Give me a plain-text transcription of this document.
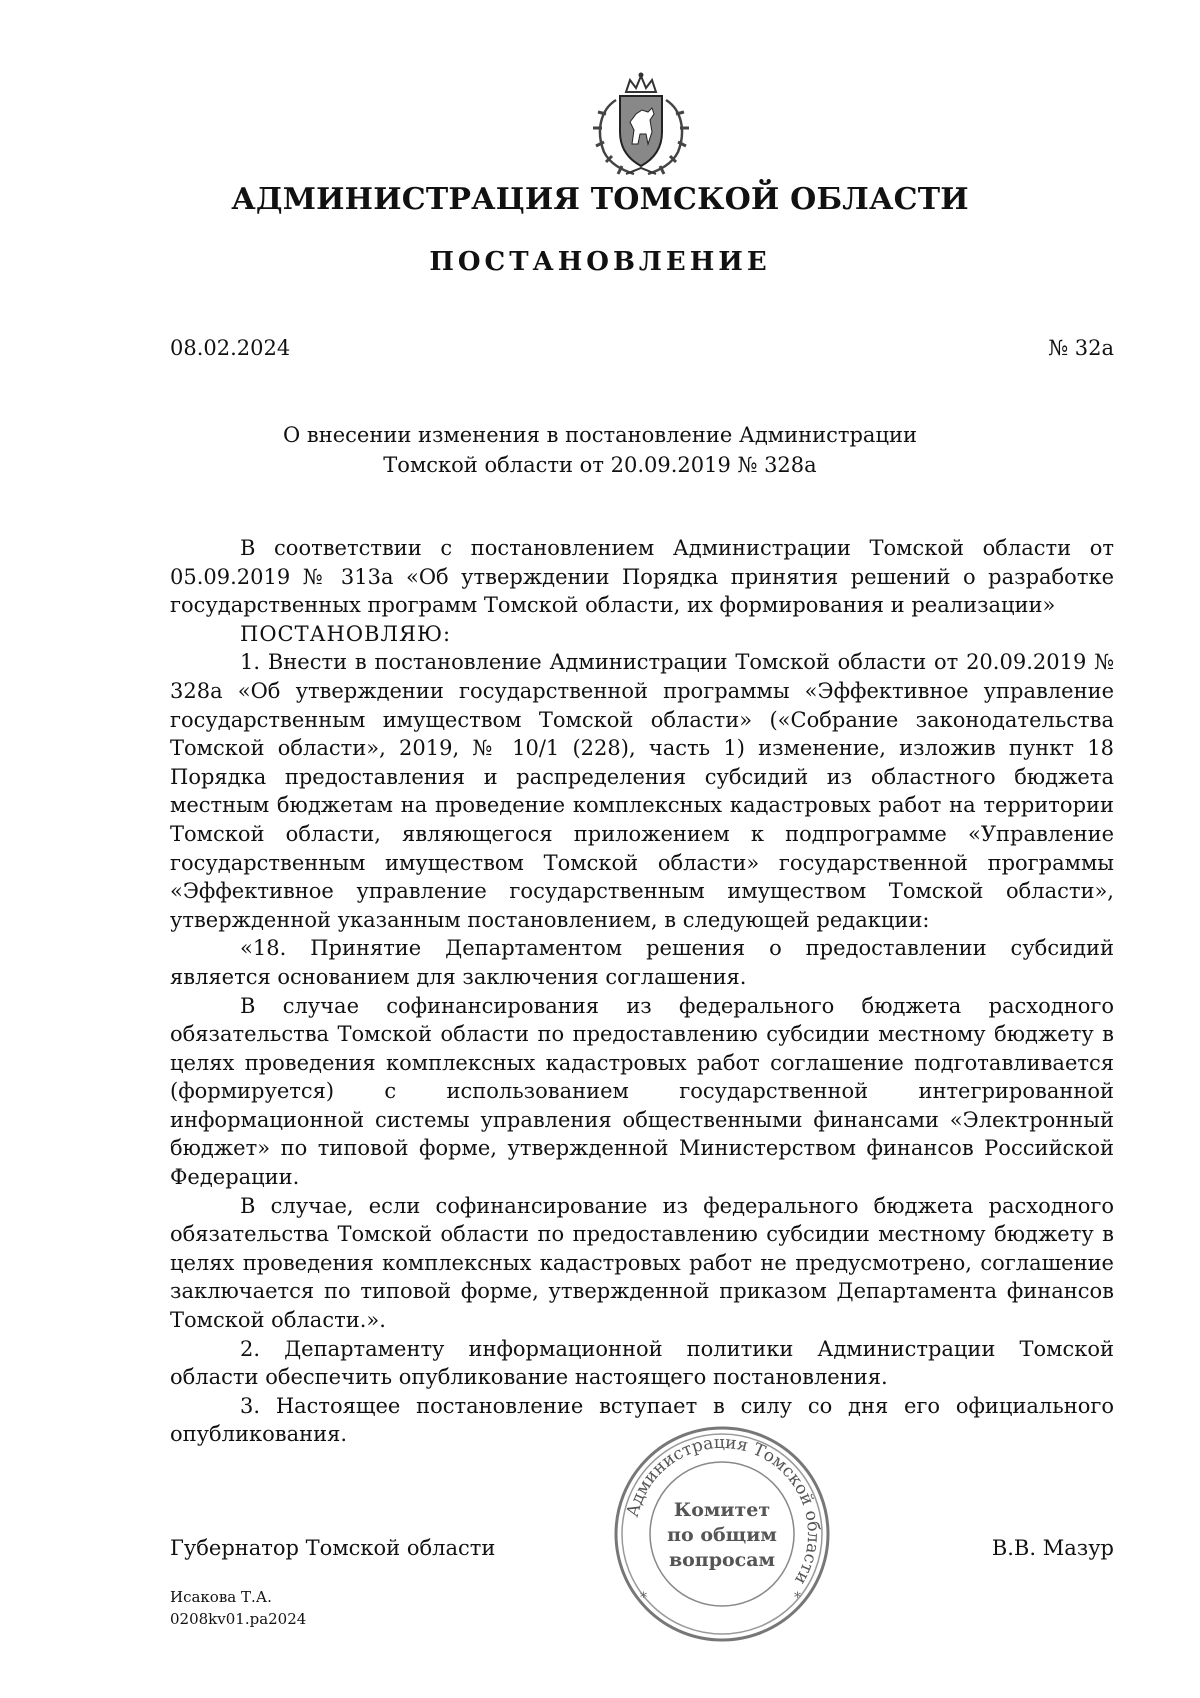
АДМИНИСТРАЦИЯ ТОМСКОЙ ОБЛАСТИ
ПОСТАНОВЛЕНИЕ
08.02.2024	№ 32а
О внесении изменения в постановление Администрации
Томской области от 20.09.2019 № 328а

В соответствии с постановлением Администрации Томской области от 05.09.2019 № 313а «Об утверждении Порядка принятия решений о разработке государственных программ Томской области, их формирования и реализации»

ПОСТАНОВЛЯЮ:

1. Внести в постановление Администрации Томской области от 20.09.2019 № 328а «Об утверждении государственной программы «Эффективное управление государственным имуществом Томской области» («Собрание законодательства Томской области», 2019, № 10/1 (228), часть 1) изменение, изложив пункт 18 Порядка предоставления и распределения субсидий из областного бюджета местным бюджетам на проведение комплексных кадастровых работ на территории Томской области, являющегося приложением к подпрограмме «Управление государственным имуществом Томской области» государственной программы «Эффективное управление государственным имуществом Томской области», утвержденной указанным постановлением, в следующей редакции:

«18. Принятие Департаментом решения о предоставлении субсидий является основанием для заключения соглашения.

В случае софинансирования из федерального бюджета расходного обязательства Томской области по предоставлению субсидии местному бюджету в целях проведения комплексных кадастровых работ соглашение подготавливается (формируется) с использованием государственной интегрированной информационной системы управления общественными финансами «Электронный бюджет» по типовой форме, утвержденной Министерством финансов Российской Федерации.

В случае, если софинансирование из федерального бюджета расходного обязательства Томской области по предоставлению субсидии местному бюджету в целях проведения комплексных кадастровых работ не предусмотрено, соглашение заключается по типовой форме, утвержденной приказом Департамента финансов Томской области.».

2. Департаменту информационной политики Администрации Томской области обеспечить опубликование настоящего постановления.

3. Настоящее постановление вступает в силу со дня его официального опубликования.

Администрация Томской области
*	*
Комитет
по общим
вопросам
Губернатор Томской области	В.В. Мазур
Исакова Т.А.
0208kv01.pa2024
